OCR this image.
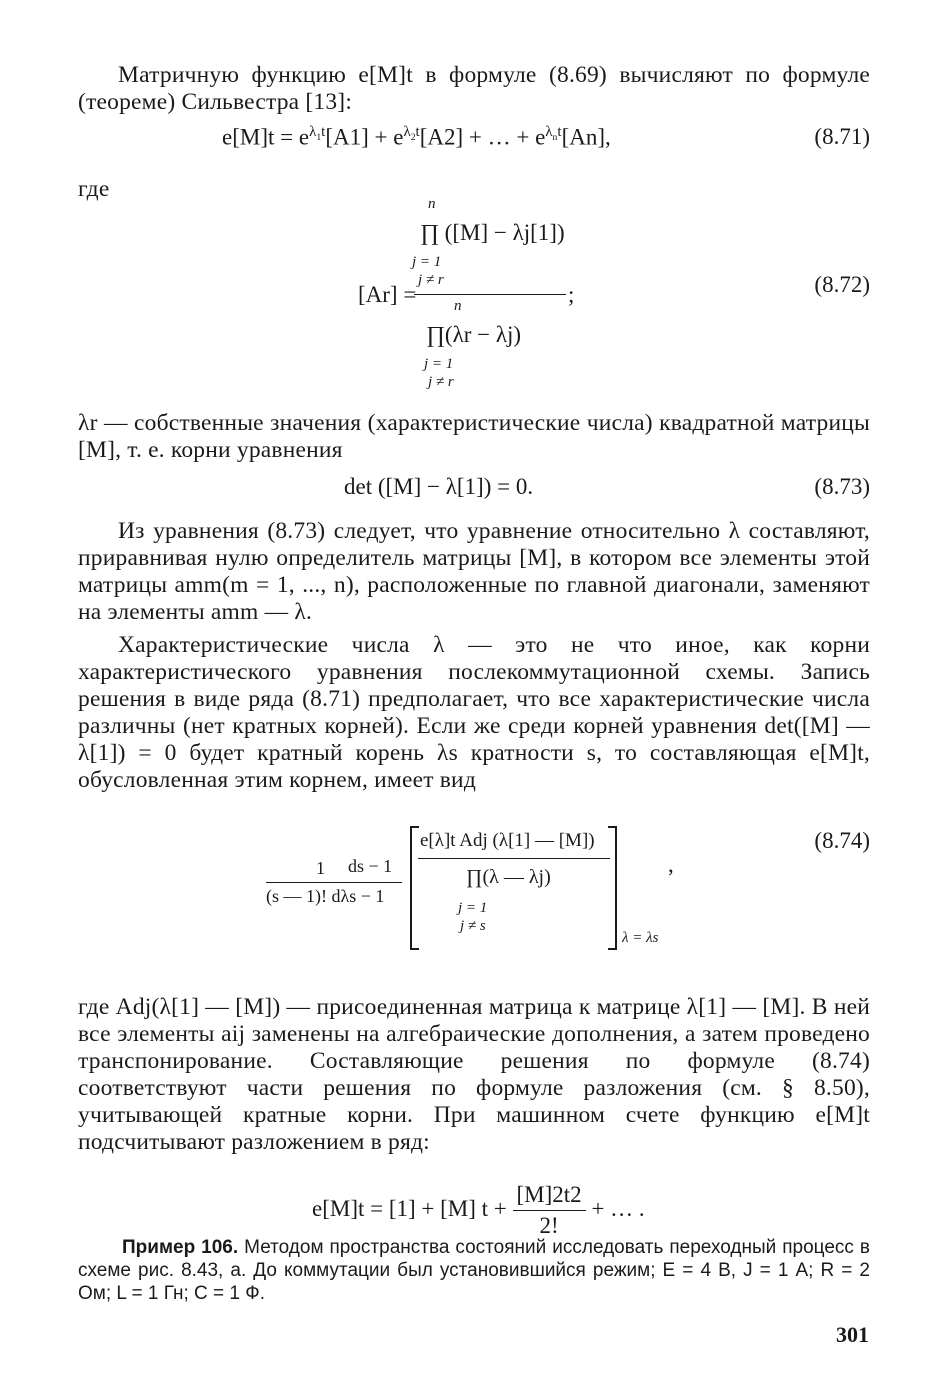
Матричную функцию e[M]t в формуле (8.69) вычисляют по формуле (теореме) Сильвестра [13]:
$e[M]t = e^{\lambda_1t}[A1] + e^{\lambda_2t}[A2]$ + … + $e^{\lambda_nt}[An]$,	(8.71)
где
n
∏ ([M] − λj[1])
j = 1
j ≠ r
[Ar] =	;
n
∏(λr − λj)
j = 1
j ≠ r
(8.72)
λr — собственные значения (характеристические числа) квадратной матрицы [M], т. е. корни уравнения
det ([M] − λ[1]) = 0.	(8.73)
Из уравнения (8.73) следует, что уравнение относительно λ составляют, приравнивая нулю определитель матрицы [M], в котором все элементы этой матрицы amm(m = 1, ..., n), расположенные по главной диагонали, заменяют на элементы amm — λ.
Характеристические числа λ — это не что иное, как корни характеристического уравнения послекоммутационной схемы. Запись решения в виде ряда (8.71) предполагает, что все характеристические числа различны (нет кратных корней). Если же среди корней уравнения det([M] — λ[1]) = 0 будет кратный корень λs кратности s, то составляющая e[M]t, обусловленная этим корнем, имеет вид
1 ds − 1
(s — 1)! dλs − 1
e[λ]t Adj (λ[1] — [M])
∏(λ — λj)
j = 1
j ≠ s
λ = λs
,
(8.74)
где Adj(λ[1] — [M]) — присоединенная матрица к матрице λ[1] — [M]. В ней все элементы aij заменены на алгебраические дополнения, а затем проведено транспонирование. Составляющие решения по формуле (8.74) соответствуют части решения по формуле разложения (см. § 8.50), учитывающей кратные корни. При машинном счете функцию e[M]t подсчитывают разложением в ряд:
e[M]t = [1] + [M] $t + \frac{[M]2t2}{2!}$ + … .
Пример 106. Методом пространства состояний исследовать переходный процесс в схеме рис. 8.43, а. До коммутации был установившийся режим; E = 4 В, J = 1 А; R = 2 Ом; L = 1 Гн; C = 1 Ф.
301
